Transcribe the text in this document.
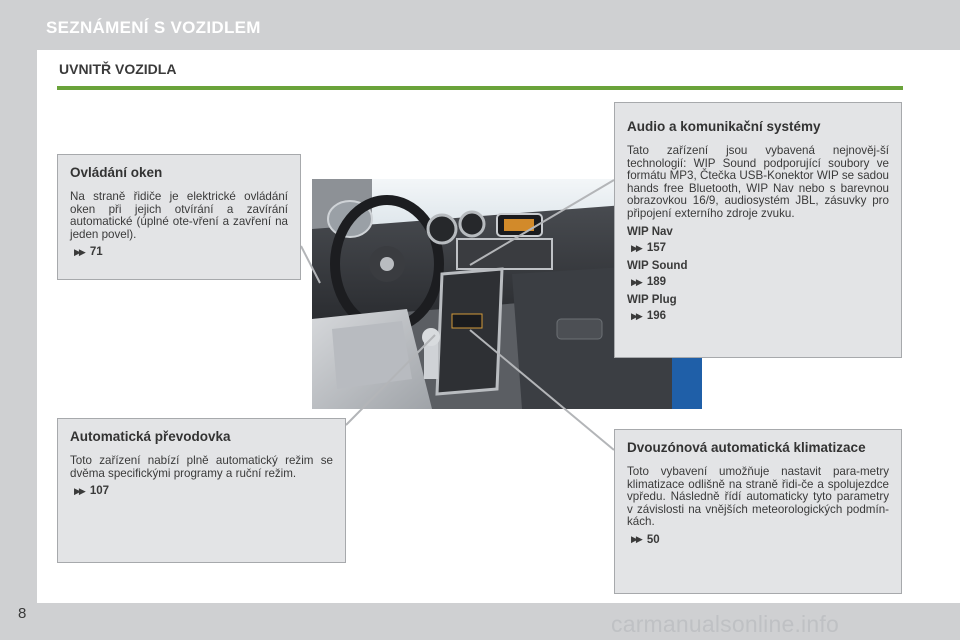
SEZNÁMENÍ S VOZIDLEM
UVNITŘ VOZIDLA
Ovládání oken

Na straně řidiče je elektrické ovládání oken při jejich otvírání a zavírání automatické (úplné ote-vření a zavření na jeden povel).

▶▶ 71
Automatická převodovka

Toto zařízení nabízí plně automatický režim se dvěma specifickými programy a ruční režim.

▶▶ 107
Audio a komunikační systémy

Tato zařízení jsou vybavená nejnověj-ší technologií: WIP Sound podporující soubory ve formátu MP3, Čtečka USB-Konektor WIP se sadou hands free Bluetooth, WIP Nav nebo s barevnou obrazovkou 16/9, audiosystém JBL, zásuvky pro připojení externího zdroje zvuku.

WIP Nav
▶▶ 157
WIP Sound
▶▶ 189
WIP Plug
▶▶ 196
Dvouzónová automatická klimatizace

Toto vybavení umožňuje nastavit para-metry klimatizace odlišně na straně řidi-če a spolujezdce vpředu. Následně řídí automaticky tyto parametry v závislosti na vnějších meteorologických podmín-kách.

▶▶ 50
8	carmanualsonline.info
